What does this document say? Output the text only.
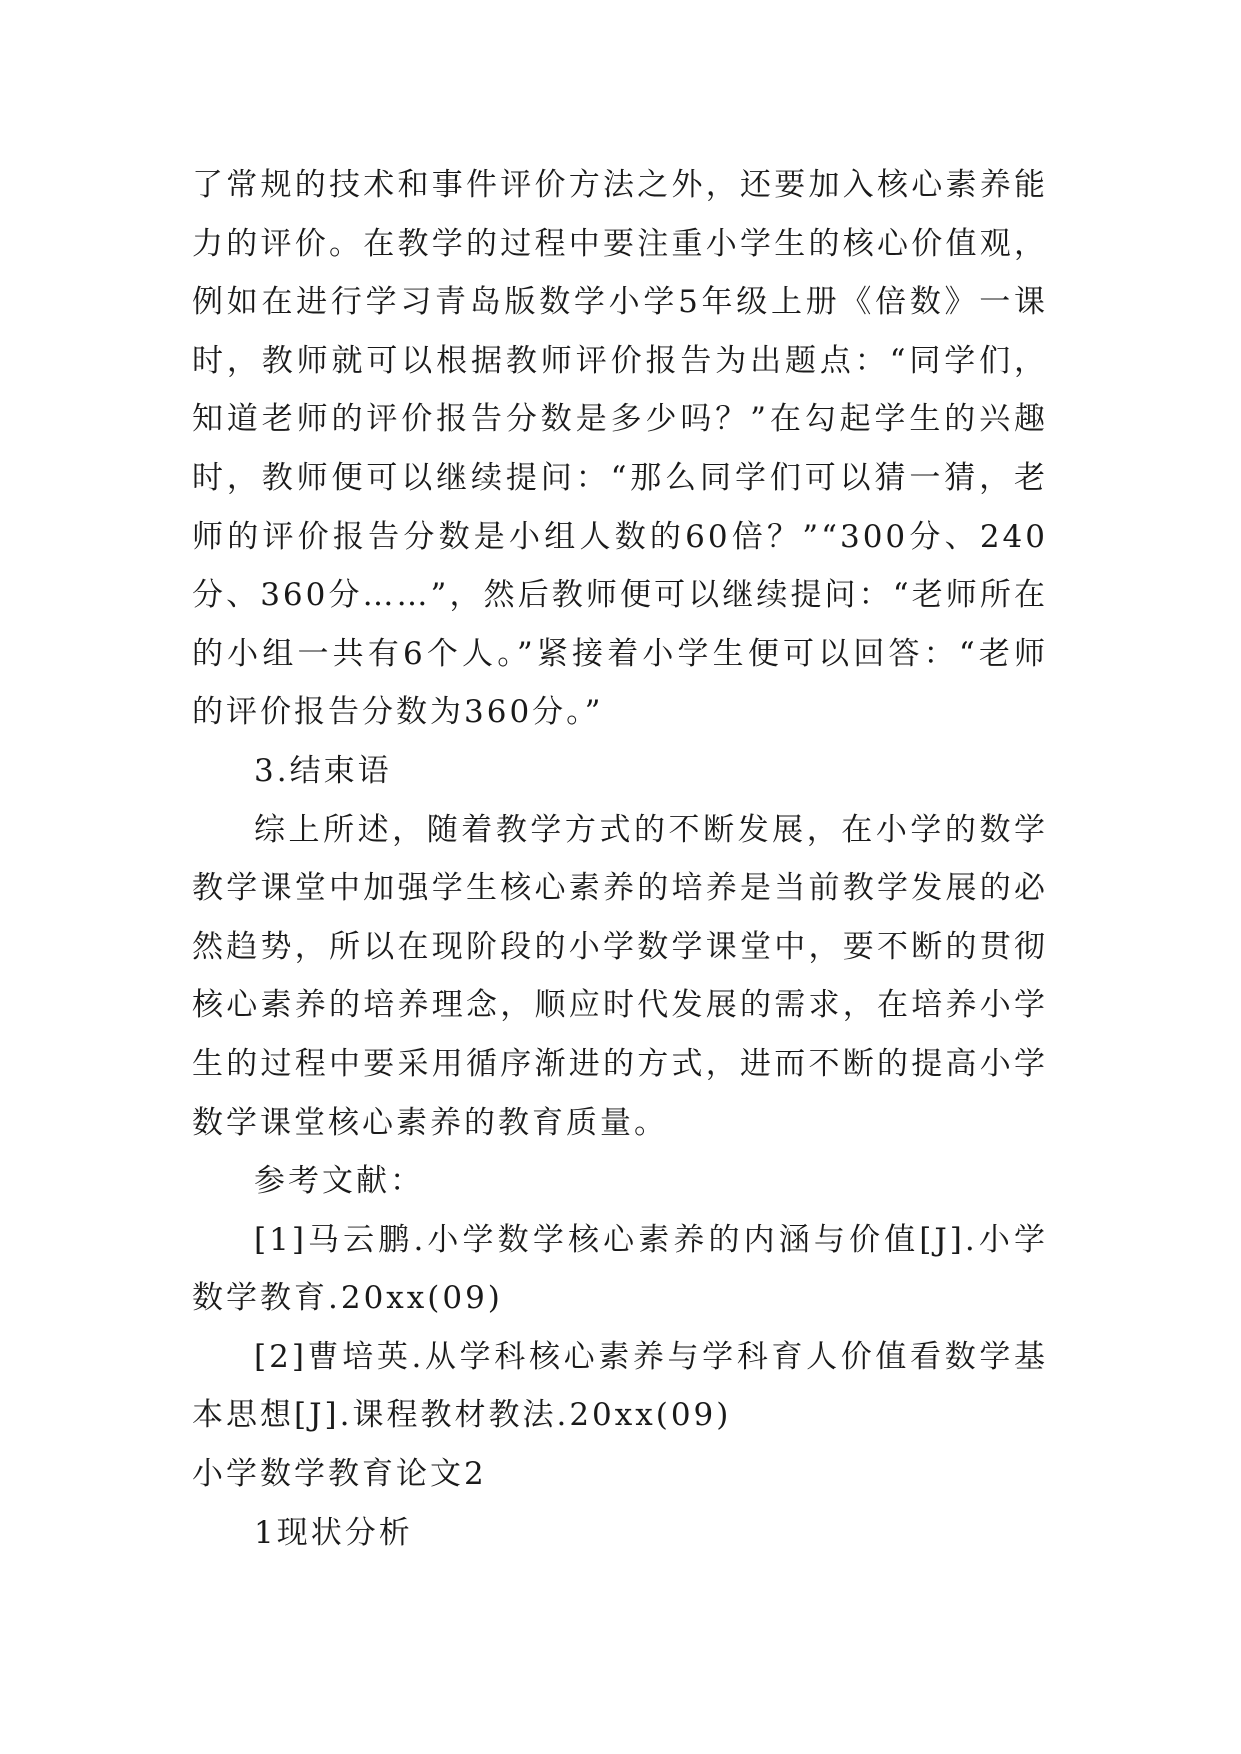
了常规的技术和事件评价方法之外，还要加入核心素养能力的评价。在教学的过程中要注重小学生的核心价值观，例如在进行学习青岛版数学小学5年级上册《倍数》一课时，教师就可以根据教师评价报告为出题点：“同学们，知道老师的评价报告分数是多少吗？”在勾起学生的兴趣时，教师便可以继续提问：“那么同学们可以猜一猜，老师的评价报告分数是小组人数的60倍？”“300分、240分、360分……”，然后教师便可以继续提问：“老师所在的小组一共有6个人。”紧接着小学生便可以回答：“老师的评价报告分数为360分。”

3.结束语

综上所述，随着教学方式的不断发展，在小学的数学教学课堂中加强学生核心素养的培养是当前教学发展的必然趋势，所以在现阶段的小学数学课堂中，要不断的贯彻核心素养的培养理念，顺应时代发展的需求，在培养小学生的过程中要采用循序渐进的方式，进而不断的提高小学数学课堂核心素养的教育质量。

参考文献：

[1]马云鹏.小学数学核心素养的内涵与价值[J].小学数学教育.20xx(09)

[2]曹培英.从学科核心素养与学科育人价值看数学基本思想[J].课程教材教法.20xx(09)

小学数学教育论文2

1现状分析
